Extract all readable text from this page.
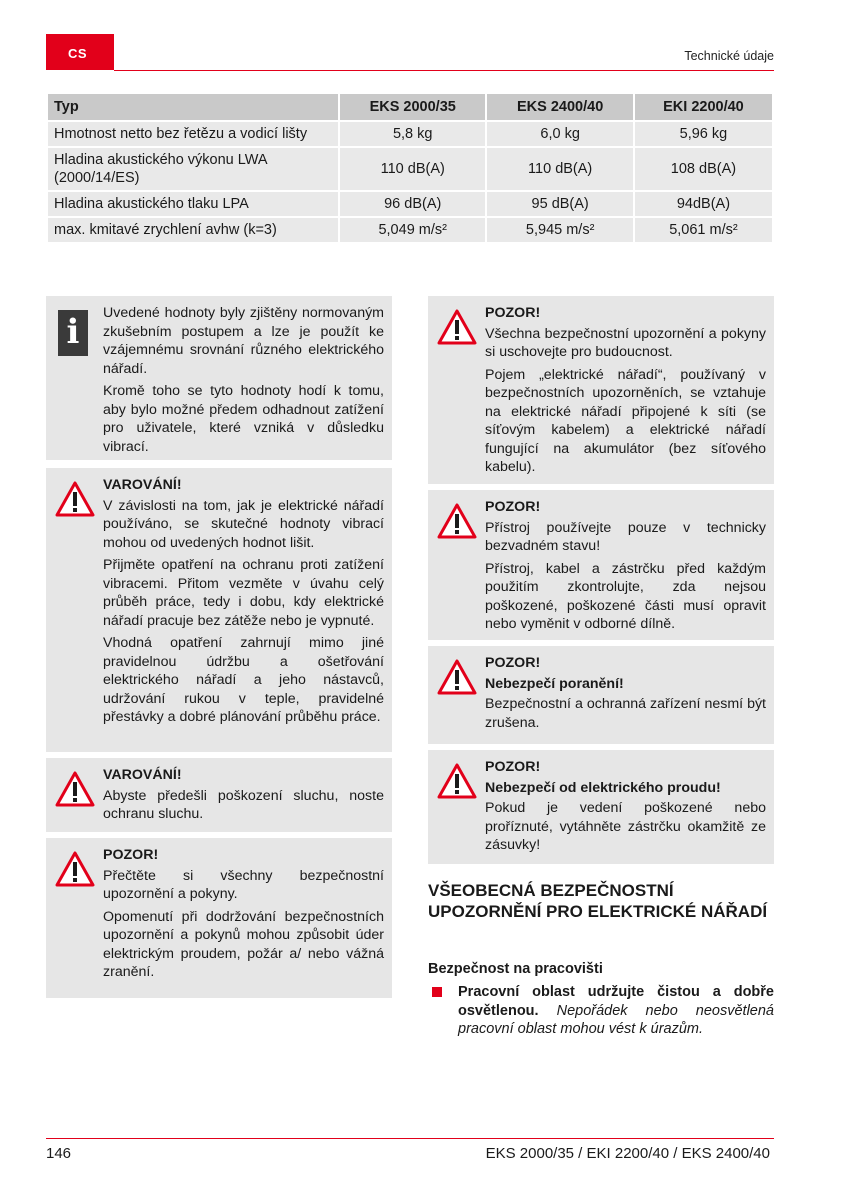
CS	Technické údaje
Typ	EKS 2000/35	EKS 2400/40	EKI 2200/40
Hmotnost netto bez řetězu a vodicí lišty	5,8 kg	6,0 kg	5,96 kg
Hladina akustického výkonu LWA (2000/14/ES)	110 dB(A)	110 dB(A)	108 dB(A)
Hladina akustického tlaku LPA	96 dB(A)	95 dB(A)	94dB(A)
max. kmitavé zrychlení avhw (k=3)	5,049 m/s²	5,945 m/s²	5,061 m/s²
i	Uvedené hodnoty byly zjištěny normovaným zkušebním postupem a lze je použít ke vzájemnému srovnání různého elektrického nářadí.

Kromě toho se tyto hodnoty hodí k tomu, aby bylo možné předem odhadnout zatížení pro uživatele, které vzniká v důsledku vibrací.

VAROVÁNÍ!

V závislosti na tom, jak je elektrické nářadí používáno, se skutečné hodnoty vibrací mohou od uvedených hodnot lišit.

Přijměte opatření na ochranu proti zatížení vibracemi. Přitom vezměte v úvahu celý průběh práce, tedy i dobu, kdy elektrické nářadí pracuje bez zátěže nebo je vypnuté.

Vhodná opatření zahrnují mimo jiné pravidelnou údržbu a ošetřování elektrického nářadí a jeho nástavců, udržování rukou v teple, pravidelné přestávky a dobré plánování průběhu práce.

VAROVÁNÍ!

Abyste předešli poškození sluchu, noste ochranu sluchu.

POZOR!

Přečtěte si všechny bezpečnostní upozornění a pokyny.

Opomenutí při dodržování bezpečnostních upozornění a pokynů mohou způsobit úder elektrickým proudem, požár a/ nebo vážná zranění.

POZOR!

Všechna bezpečnostní upozornění a pokyny si uschovejte pro budoucnost.

Pojem „elektrické nářadí“, používaný v bezpečnostních upozorněních, se vztahuje na elektrické nářadí připojené k síti (se síťovým kabelem) a elektrické nářadí fungující na akumulátor (bez síťového kabelu).

POZOR!

Přístroj používejte pouze v technicky bezvadném stavu!

Přístroj, kabel a zástrčku před každým použitím zkontrolujte, zda nejsou poškozené, poškozené části musí opravit nebo vyměnit v odborné dílně.

POZOR!

Nebezpečí poranění!

Bezpečnostní a ochranná zařízení nesmí být zrušena.

POZOR!

Nebezpečí od elektrického proudu!

Pokud je vedení poškozené nebo proříznuté, vytáhněte zástrčku okamžitě ze zásuvky!

VŠEOBECNÁ BEZPEČNOSTNÍ UPOZORNĚNÍ PRO ELEKTRICKÉ NÁŘADÍ
Bezpečnost na pracovišti
Pracovní oblast udržujte čistou a dobře osvětlenou. Nepořádek nebo neosvětlená pracovní oblast mohou vést k úrazům.
146	EKS 2000/35 / EKI 2200/40 / EKS 2400/40
